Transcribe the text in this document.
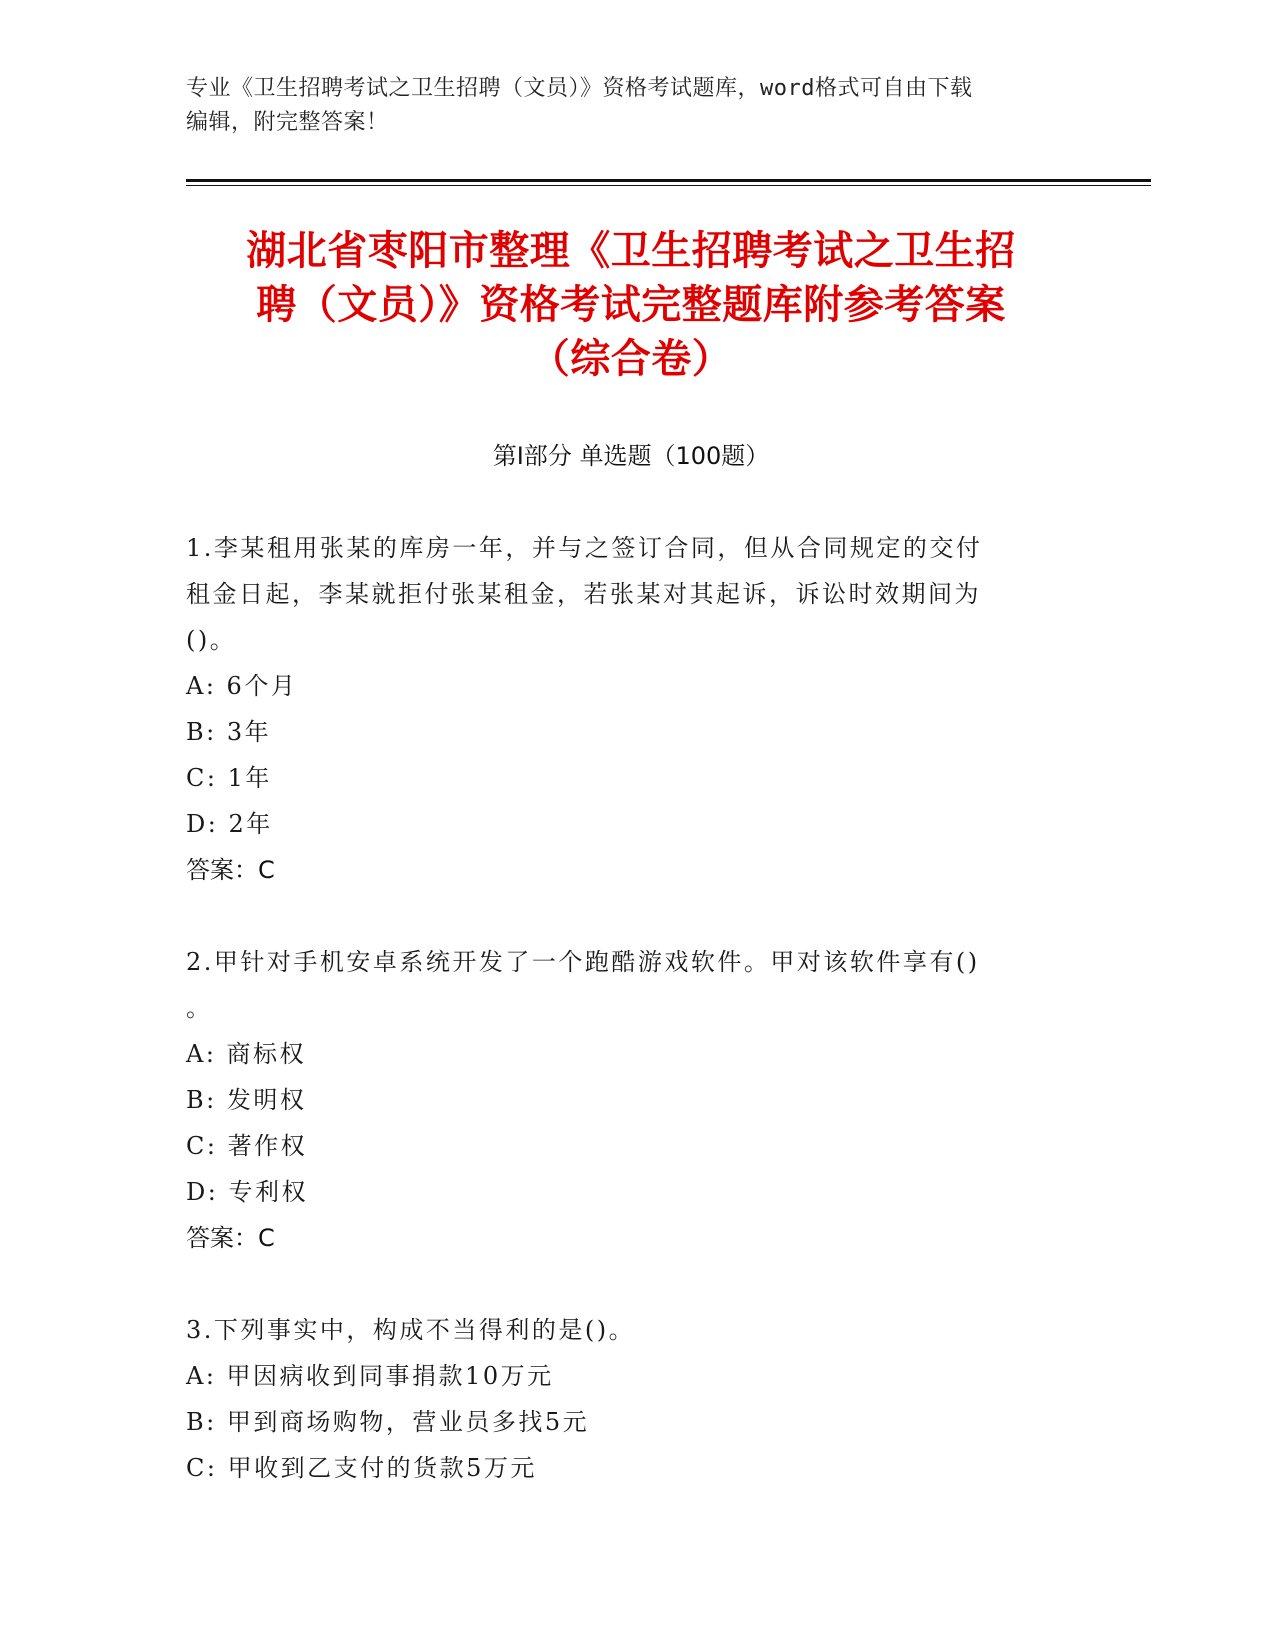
专业《卫生招聘考试之卫生招聘（文员）》资格考试题库，word格式可自由下载
编辑，附完整答案！
湖北省枣阳市整理《卫生招聘考试之卫生招
聘（文员）》资格考试完整题库附参考答案
（综合卷）
第Ⅰ部分 单选题（100题）
1.李某租用张某的库房一年，并与之签订合同，但从合同规定的交付
租金日起，李某就拒付张某租金，若张某对其起诉，诉讼时效期间为
()。
A: 6个月
B: 3年
C: 1年
D: 2年
答案：C
2.甲针对手机安卓系统开发了一个跑酷游戏软件。甲对该软件享有()
。
A: 商标权
B: 发明权
C: 著作权
D: 专利权
答案：C
3.下列事实中，构成不当得利的是()。
A: 甲因病收到同事捐款10万元
B: 甲到商场购物，营业员多找5元
C: 甲收到乙支付的货款5万元
